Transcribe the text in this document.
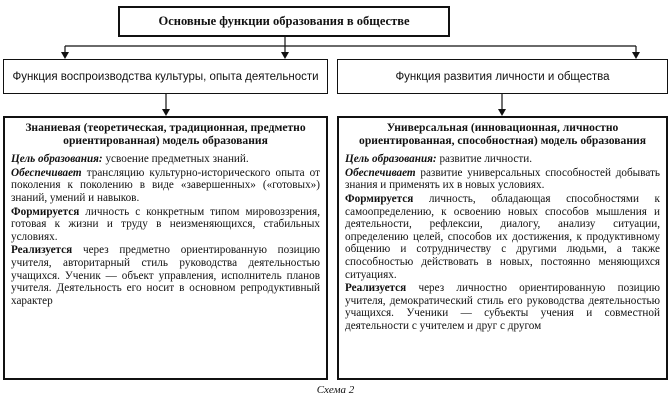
Основные функции образования в обществе
Функция воспроизводства культуры, опыта деятельности	Функция развития личности и общества
Знаниевая (теоретическая, традиционная, предметно ориентированная) модель образования

Цель образования: усвоение предметных знаний.

Обеспечивает трансляцию культурно-исторического опыта от поколения к поколению в виде «завершенных» («готовых») знаний, умений и навыков.

Формируется личность с конкретным типом мировоззрения, готовая к жизни и труду в неизменяющихся, стабильных условиях.

Реализуется через предметно ориентированную позицию учителя, авторитарный стиль руководства деятельностью учащихся. Ученик — объект управления, исполнитель планов учителя. Деятельность его носит в основном репродуктивный характер

Универсальная (инновационная, личностно ориентированная, способностная) модель образования

Цель образования: развитие личности.

Обеспечивает развитие универсальных способностей добывать знания и применять их в новых условиях.

Формируется личность, обладающая способностями к самоопределению, к освоению новых способов мышления и деятельности, рефлексии, диалогу, анализу ситуации, определению целей, способов их достижения, к продуктивному общению и сотрудничеству с другими людьми, а также способностью действовать в новых, постоянно меняющихся ситуациях.

Реализуется через личностно ориентированную позицию учителя, демократический стиль его руководства деятельностью учащихся. Ученики — субъекты учения и совместной деятельности с учителем и друг с другом

Схема 2
